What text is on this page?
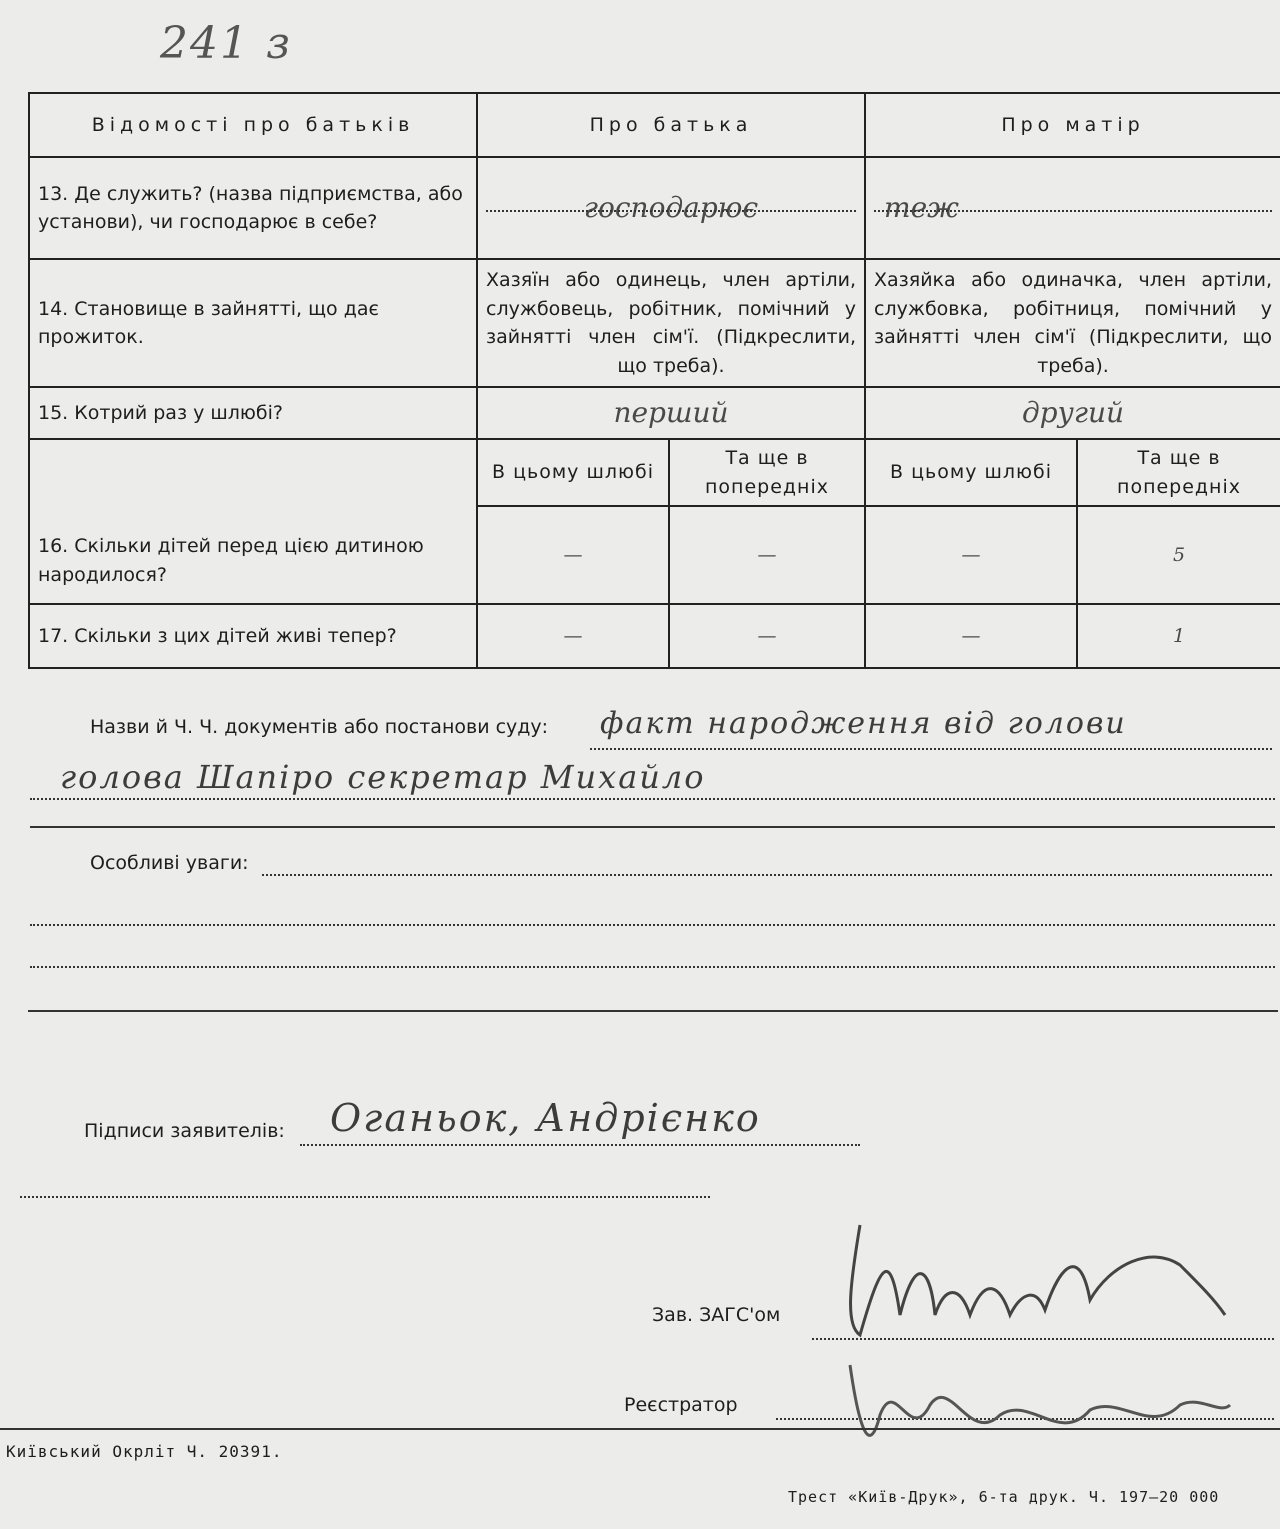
241 з
Відомості про батьків	Про батька		Про матір	
13. Де служить? (назва підприємства, або установи), чи господарює в себе?	господарює		теж	

14. Становище в зайнятті, що дає прожиток.	Хазяїн або одинець, член артіли, службовець, робітник, помічний у зайнятті член сім'ї. (Підкреслити, що треба).		Хазяйка або одиначка, член артіли, службовка, робітниця, помічний у зайнятті член сім'ї (Підкреслити, що треба).	
15. Котрий раз у шлюбі?	перший		другий	

16. Скільки дітей перед цією дитиною народилося?	В цьому шлюбі	Та ще в попередніх	В цьому шлюбі	Та ще в попередніх
	—	—	—	5
17. Скільки з цих дітей живі тепер?	—	—	—	1
Назви й Ч. Ч. документів або постанови суду: факт народження від голови
голова Шапіро секретар Михайло
Особливі уваги:
Підписи заявителів: Оганьок, Андрієнко
Зав. ЗАГС'ом
Реєстратор
Київський Окрліт Ч. 20391.
Трест «Київ-Друк», 6-та друк. Ч. 197—20 000
